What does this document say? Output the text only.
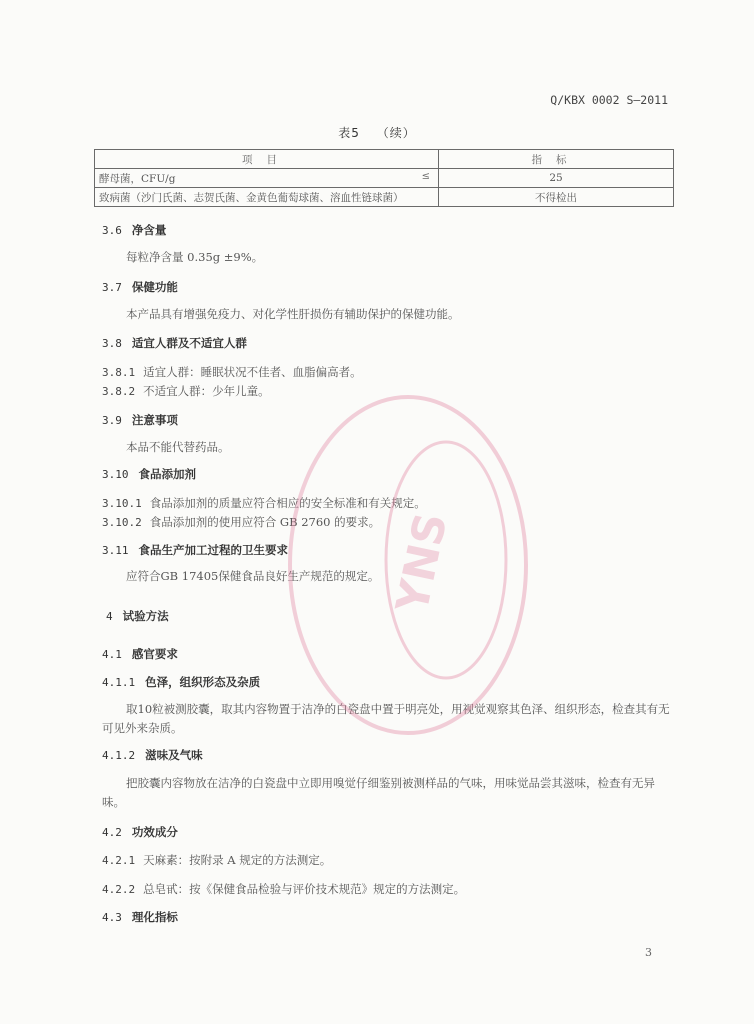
Q/KBX 0002 S—2011
表5 （续）
项目	指标
酵母菌，CFU/g ≤	25
致病菌（沙门氏菌、志贺氏菌、金黄色葡萄球菌、溶血性链球菌）	不得检出
3.6 净含量
每粒净含量 0.35g ±9%。
3.7 保健功能
本产品具有增强免疫力、对化学性肝损伤有辅助保护的保健功能。
3.8 适宜人群及不适宜人群
3.8.1 适宜人群：睡眠状况不佳者、血脂偏高者。
3.8.2 不适宜人群：少年儿童。
3.9 注意事项
本品不能代替药品。
3.10 食品添加剂
3.10.1 食品添加剂的质量应符合相应的安全标准和有关规定。
3.10.2 食品添加剂的使用应符合 GB 2760 的要求。
3.11 食品生产加工过程的卫生要求
应符合GB 17405保健食品良好生产规范的规定。
4 试验方法
4.1 感官要求
4.1.1 色泽，组织形态及杂质
取10粒被测胶囊，取其内容物置于洁净的白瓷盘中置于明亮处，用视觉观察其色泽、组织形态，检查其有无可见外来杂质。
4.1.2 滋味及气味
把胶囊内容物放在洁净的白瓷盘中立即用嗅觉仔细鉴别被测样品的气味，用味觉品尝其滋味，检查有无异味。
4.2 功效成分
4.2.1 天麻素：按附录 A 规定的方法测定。
4.2.2 总皂甙：按《保健食品检验与评价技术规范》规定的方法测定。
4.3 理化指标
3
YNS
